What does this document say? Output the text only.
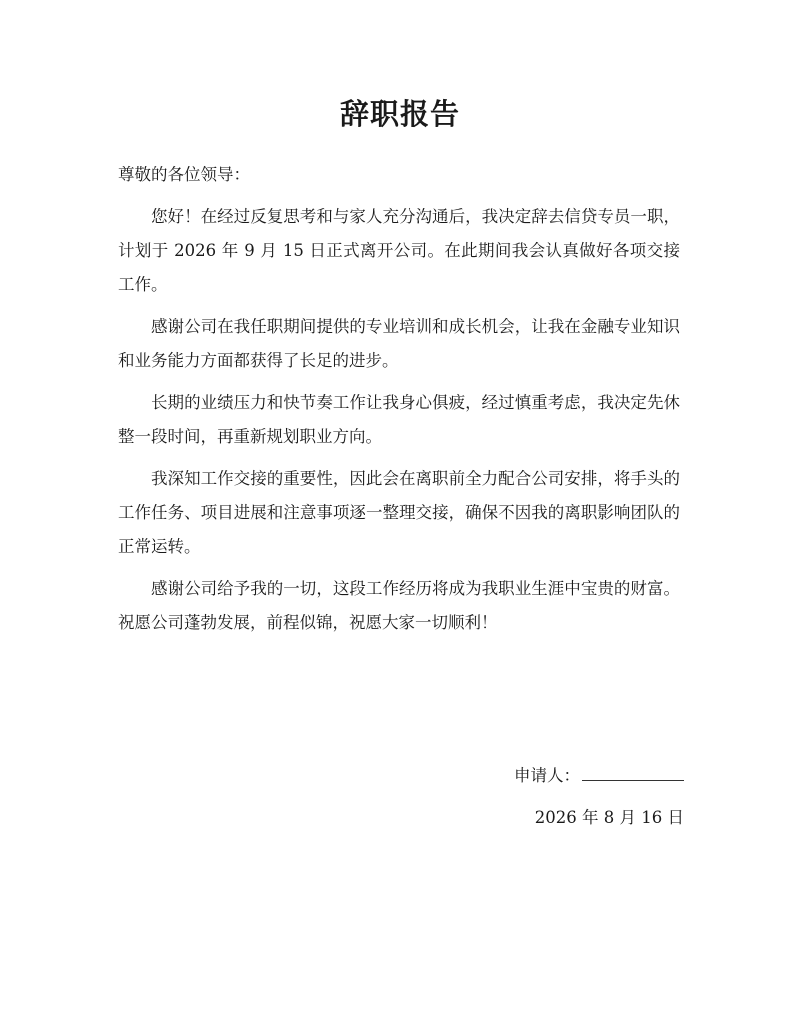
辞职报告

尊敬的各位领导：

您好！在经过反复思考和与家人充分沟通后，我决定辞去信贷专员一职，计划于 2026 年 9 月 15 日正式离开公司。在此期间我会认真做好各项交接工作。

感谢公司在我任职期间提供的专业培训和成长机会，让我在金融专业知识和业务能力方面都获得了长足的进步。

长期的业绩压力和快节奏工作让我身心俱疲，经过慎重考虑，我决定先休整一段时间，再重新规划职业方向。

我深知工作交接的重要性，因此会在离职前全力配合公司安排，将手头的工作任务、项目进展和注意事项逐一整理交接，确保不因我的离职影响团队的正常运转。

感谢公司给予我的一切，这段工作经历将成为我职业生涯中宝贵的财富。祝愿公司蓬勃发展，前程似锦，祝愿大家一切顺利！

申请人：
2026 年 8 月 16 日
